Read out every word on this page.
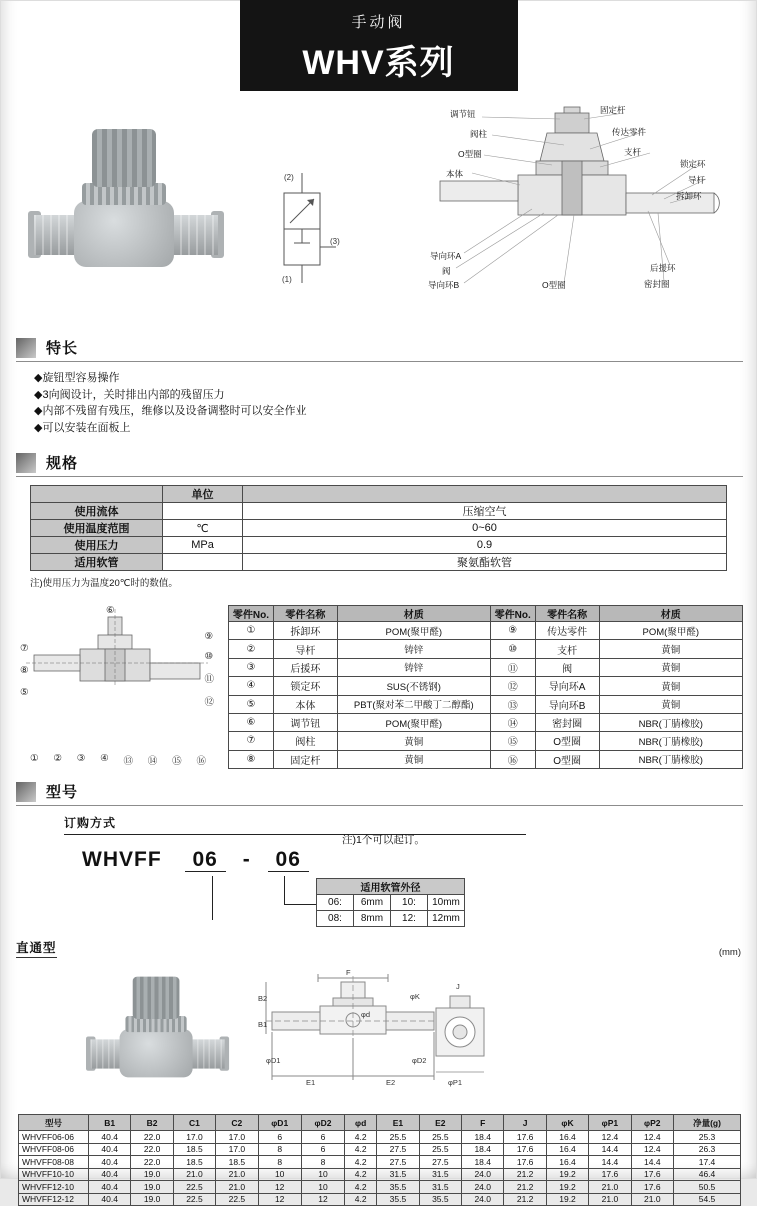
手动阀
WHV系列
(2)
(1)
(3)
调节钮	固定杆
阀柱	传达零件
O型圈	支杆
本体
锁定环
导杆
拆卸环
导向环A
阀
导向环B	O型圈
后援环
密封圈
特长
◆旋钮型容易操作
◆3向阀设计，关时排出内部的残留压力
◆内部不残留有残压，维修以及设备调整时可以安全作业
◆可以安装在面板上
规格
	单位	
使用流体		压缩空气
使用温度范围	℃	0~60
使用压力	MPa	0.9
适用软管		聚氨酯软管
注)使用压力为温度20℃时的数值。
⑥
⑦
⑧
⑤
⑨
⑩
⑪
⑫
① ② ③ ④ ⑬ ⑭ ⑮ ⑯
零件No.	零件名称	材质	零件No.	零件名称	材质
①	拆卸环	POM(聚甲醛)	⑨	传达零件	POM(聚甲醛)
②	导杆	铸锌	⑩	支杆	黄铜
③	后援环	铸锌	⑪	阀	黄铜
④	锁定环	SUS(不锈钢)	⑫	导向环A	黄铜
⑤	本体	PBT(聚对苯二甲酸丁二醇酯)	⑬	导向环B	黄铜
⑥	调节钮	POM(聚甲醛)	⑭	密封圈	NBR(丁腈橡胶)
⑦	阀柱	黄铜	⑮	O型圈	NBR(丁腈橡胶)
⑧	固定杆	黄铜	⑯	O型圈	NBR(丁腈橡胶)
型号
订购方式
注)1个可以起订。
WHVFF 06 - 06
适用软管外径			
06:	6mm	10:	10mm
08:	8mm	12:	12mm
直通型	(mm)
F
φK
φd
B2
B1
φD1	φD2
E1	E2
J
φP1
型号	B1	B2	C1	C2	φD1	φD2	φd	E1	E2	F	J	φK	φP1	φP2	净量(g)
WHVFF06-06	40.4	22.0	17.0	17.0	6	6	4.2	25.5	25.5	18.4	17.6	16.4	12.4	12.4	25.3
WHVFF08-06	40.4	22.0	18.5	17.0	8	6	4.2	27.5	25.5	18.4	17.6	16.4	14.4	12.4	26.3
WHVFF08-08	40.4	22.0	18.5	18.5	8	8	4.2	27.5	27.5	18.4	17.6	16.4	14.4	14.4	17.4
WHVFF10-10	40.4	19.0	21.0	21.0	10	10	4.2	31.5	31.5	24.0	21.2	19.2	17.6	17.6	46.4
WHVFF12-10	40.4	19.0	22.5	21.0	12	10	4.2	35.5	31.5	24.0	21.2	19.2	21.0	17.6	50.5
WHVFF12-12	40.4	19.0	22.5	22.5	12	12	4.2	35.5	35.5	24.0	21.2	19.2	21.0	21.0	54.5
